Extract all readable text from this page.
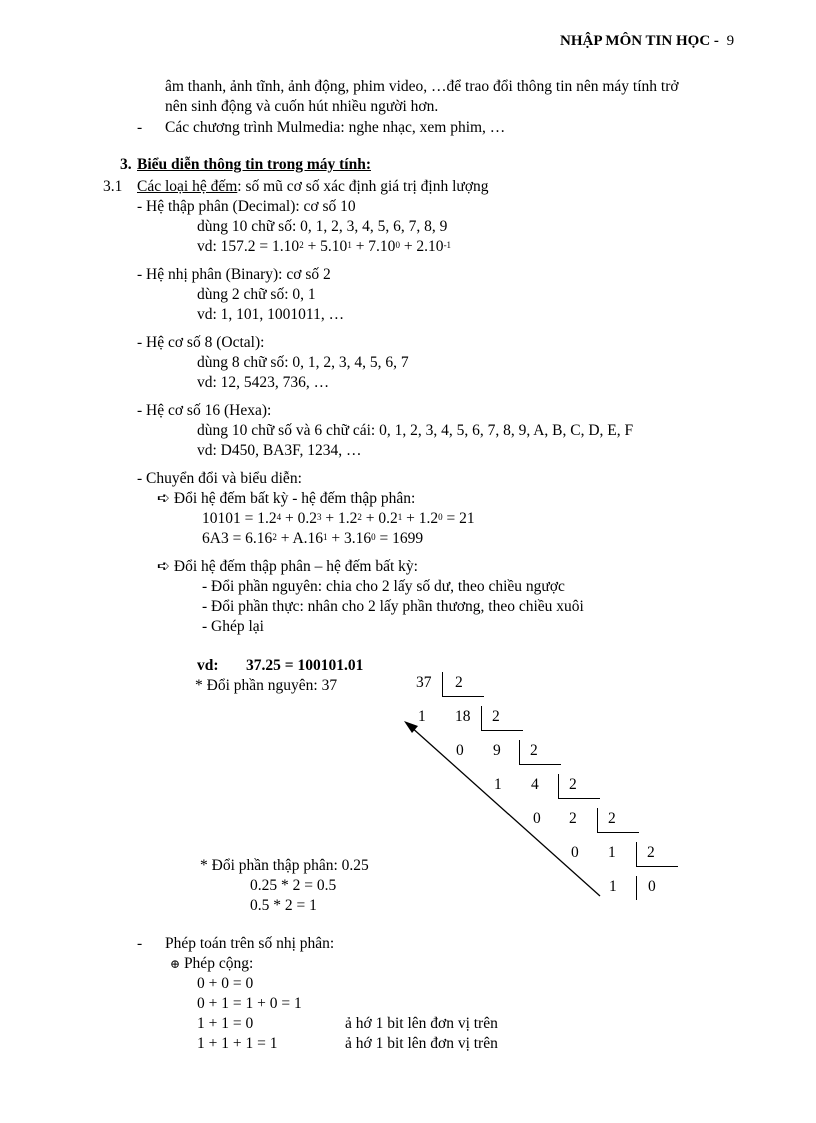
NHẬP MÔN TIN HỌC - 9
âm thanh, ảnh tĩnh, ảnh động, phim video, …để trao đổi thông tin nên máy tính trở
nên sinh động và cuốn hút nhiều người hơn.
- Các chương trình Mulmedia: nghe nhạc, xem phim, …
3. Biểu diễn thông tin trong máy tính:
3.1 Các loại hệ đếm: số mũ cơ số xác định giá trị định lượng
- Hệ thập phân (Decimal): cơ số 10
dùng 10 chữ số: 0, 1, 2, 3, 4, 5, 6, 7, 8, 9
vd: $157.2 = 1.10^2 + 5.10^1 + 7.10^0 + 2.10^{-1}$
- Hệ nhị phân (Binary): cơ số 2
dùng 2 chữ số: 0, 1
vd: 1, 101, 1001011, …
- Hệ cơ số 8 (Octal):
dùng 8 chữ số: 0, 1, 2, 3, 4, 5, 6, 7
vd: 12, 5423, 736, …
- Hệ cơ số 16 (Hexa):
dùng 10 chữ số và 6 chữ cái: 0, 1, 2, 3, 4, 5, 6, 7, 8, 9, A, B, C, D, E, F
vd: D450, BA3F, 1234, …
- Chuyển đổi và biểu diễn:
➪ Đổi hệ đếm bất kỳ - hệ đếm thập phân:
$10101 = 1.2^4 + 0.2^3 + 1.2^2 + 0.2^1 + 1.2^0 = 21$
$6A3 = 6.16^2 + A.16^1 + 3.16^0 = 1699$
➪ Đổi hệ đếm thập phân – hệ đếm bất kỳ:
- Đổi phần nguyên: chia cho 2 lấy số dư, theo chiều ngược
- Đổi phần thực: nhân cho 2 lấy phần thương, theo chiều xuôi
- Ghép lại
vd: 37.25 = 100101.01
* Đổi phần nguyên: 37	37 2
1 18 2
0 9 2
1 4 2
0 2 2
0 1 2
1 0
* Đổi phần thập phân: 0.25
0.25 * 2 = 0.5
0.5 * 2 = 1
- Phép toán trên số nhị phân:
⊕ Phép cộng:
0 + 0 = 0
0 + 1 = 1 + 0 = 1
1 + 1 = 0	ả hớ 1 bit lên đơn vị trên
1 + 1 + 1 = 1	ả hớ 1 bit lên đơn vị trên
